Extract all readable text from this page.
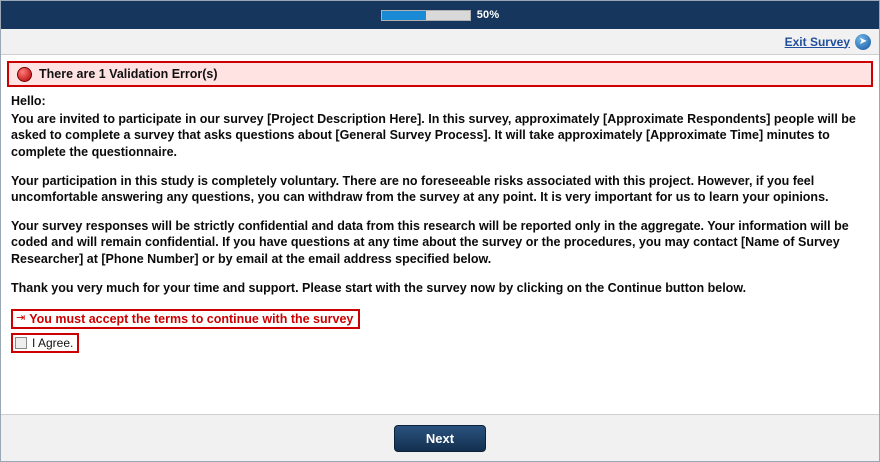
50%
Exit Survey ➤
There are 1 Validation Error(s)
Hello:
You are invited to participate in our survey [Project Description Here]. In this survey, approximately [Approximate Respondents] people will be asked to complete a survey that asks questions about [General Survey Process]. It will take approximately [Approximate Time] minutes to complete the questionnaire.
Your participation in this study is completely voluntary. There are no foreseeable risks associated with this project. However, if you feel uncomfortable answering any questions, you can withdraw from the survey at any point. It is very important for us to learn your opinions.
Your survey responses will be strictly confidential and data from this research will be reported only in the aggregate. Your information will be coded and will remain confidential. If you have questions at any time about the survey or the procedures, you may contact [Name of Survey Researcher] at [Phone Number] or by email at the email address specified below.
Thank you very much for your time and support. Please start with the survey now by clicking on the Continue button below.
⇥ You must accept the terms to continue with the survey
I Agree.
Next
